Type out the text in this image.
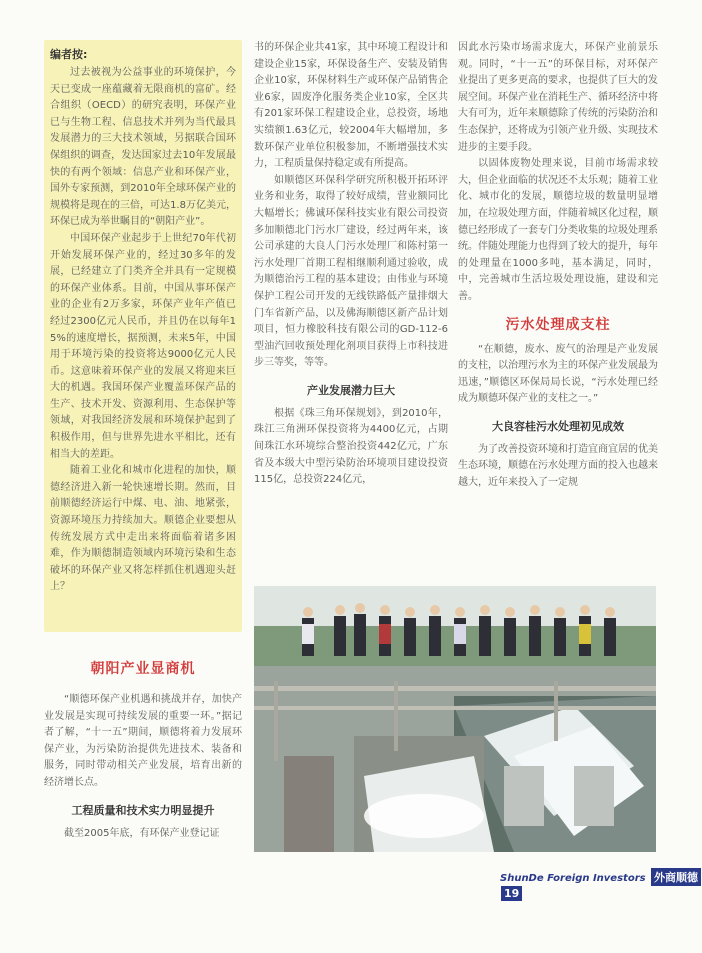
编者按:

过去被视为公益事业的环境保护，今天已变成一座蕴藏着无限商机的富矿。经合组织（OECD）的研究表明，环保产业已与生物工程、信息技术并列为当代最具发展潜力的三大技术领域，另据联合国环保组织的调查，发达国家过去10年发展最快的有两个领域：信息产业和环保产业，国外专家预测，到2010年全球环保产业的规模将是现在的三倍，可达1.8万亿美元，环保已成为举世瞩目的“朝阳产业”。

中国环保产业起步于上世纪70年代初开始发展环保产业的，经过30多年的发展，已经建立了门类齐全并具有一定规模的环保产业体系。目前，中国从事环保产业的企业有2万多家，环保产业年产值已经过2300亿元人民币，并且仍在以每年15%的速度增长，据预测，未来5年，中国用于环境污染的投资将达9000亿元人民币。这意味着环保产业的发展又将迎来巨大的机遇。我国环保产业覆盖环保产品的生产、技术开发、资源利用、生态保护等领域，对我国经济发展和环境保护起到了积极作用，但与世界先进水平相比，还有相当大的差距。

随着工业化和城市化进程的加快，顺德经济进入新一轮快速增长期。然而，目前顺德经济运行中煤、电、油、地紧张，资源环境压力持续加大。顺德企业要想从传统发展方式中走出来将面临着诸多困难，作为顺德制造领域内环境污染和生态破坏的环保产业又将怎样抓住机遇迎头赶上？

朝阳产业显商机

“顺德环保产业机遇和挑战并存，加快产业发展是实现可持续发展的重要一环。”据记者了解，“十一五”期间，顺德将着力发展环保产业，为污染防治提供先进技术、装备和服务，同时带动相关产业发展，培育出新的经济增长点。

工程质量和技术实力明显提升

截至2005年底，有环保产业登记证

书的环保企业共41家，其中环境工程设计和建设企业15家，环保设备生产、安装及销售企业10家，环保材料生产或环保产品销售企业6家，固废净化服务类企业10家，全区共有201家环保工程建设企业，总投资，场地实绩额1.63亿元，较2004年大幅增加，多数环保产业单位积极参加，不断增强技术实力，工程质量保持稳定或有所提高。

如顺德区环保科学研究所积极开拓环评业务和业务，取得了较好成绩，营业额同比大幅增长；佛诚环保科技实业有限公司投资多加顺德北门污水厂建设，经过两年来，该公司承建的大良人门污水处理厂和陈村第一污水处理厂首期工程相继顺利通过验收，成为顺德治污工程的基本建设；由伟业与环境保护工程公司开发的无线铁路低产量排烟大门车省新产品，以及佛海顺德区新产品计划项目，恒力橡胶科技有限公司的GD-112-6型油汽回收预处理化剂项目获得上市科技进步三等奖，等等。

产业发展潜力巨大

根据《珠三角环保规划》，到2010年，珠江三角洲环保投资将为4400亿元，占期间珠江水环境综合整治投资442亿元，广东省及本级大中型污染防治环境项目建设投资115亿，总投资224亿元，

因此水污染市场需求庞大，环保产业前景乐观。同时，“十一五”的环保目标，对环保产业提出了更多更高的要求，也提供了巨大的发展空间。环保产业在消耗生产、循环经济中将大有可为，近年来顺德除了传统的污染防治和生态保护，还将成为引领产业升级、实现技术进步的主要手段。

以固体废物处理来说，目前市场需求较大，但企业面临的状况还不太乐观；随着工业化、城市化的发展，顺德垃圾的数量明显增加，在垃圾处理方面，伴随着城区化过程，顺德已经形成了一套专门分类收集的垃圾处理系统。伴随处理能力也得到了较大的提升，每年的处理量在1000多吨，基本满足，同时，中，完善城市生活垃圾处理设施，建设和完善。

污水处理成支柱

“在顺德，废水、废气的治理是产业发展的支柱，以治理污水为主的环保产业发展最为迅速，”顺德区环保局局长说，“污水处理已经成为顺德环保产业的支柱之一。”

大良容桂污水处理初见成效

为了改善投资环境和打造宜商宜居的优美生态环境，顺德在污水处理方面的投入也越来越大，近年来投入了一定规

ShunDe Foreign Investors 外商顺德19
